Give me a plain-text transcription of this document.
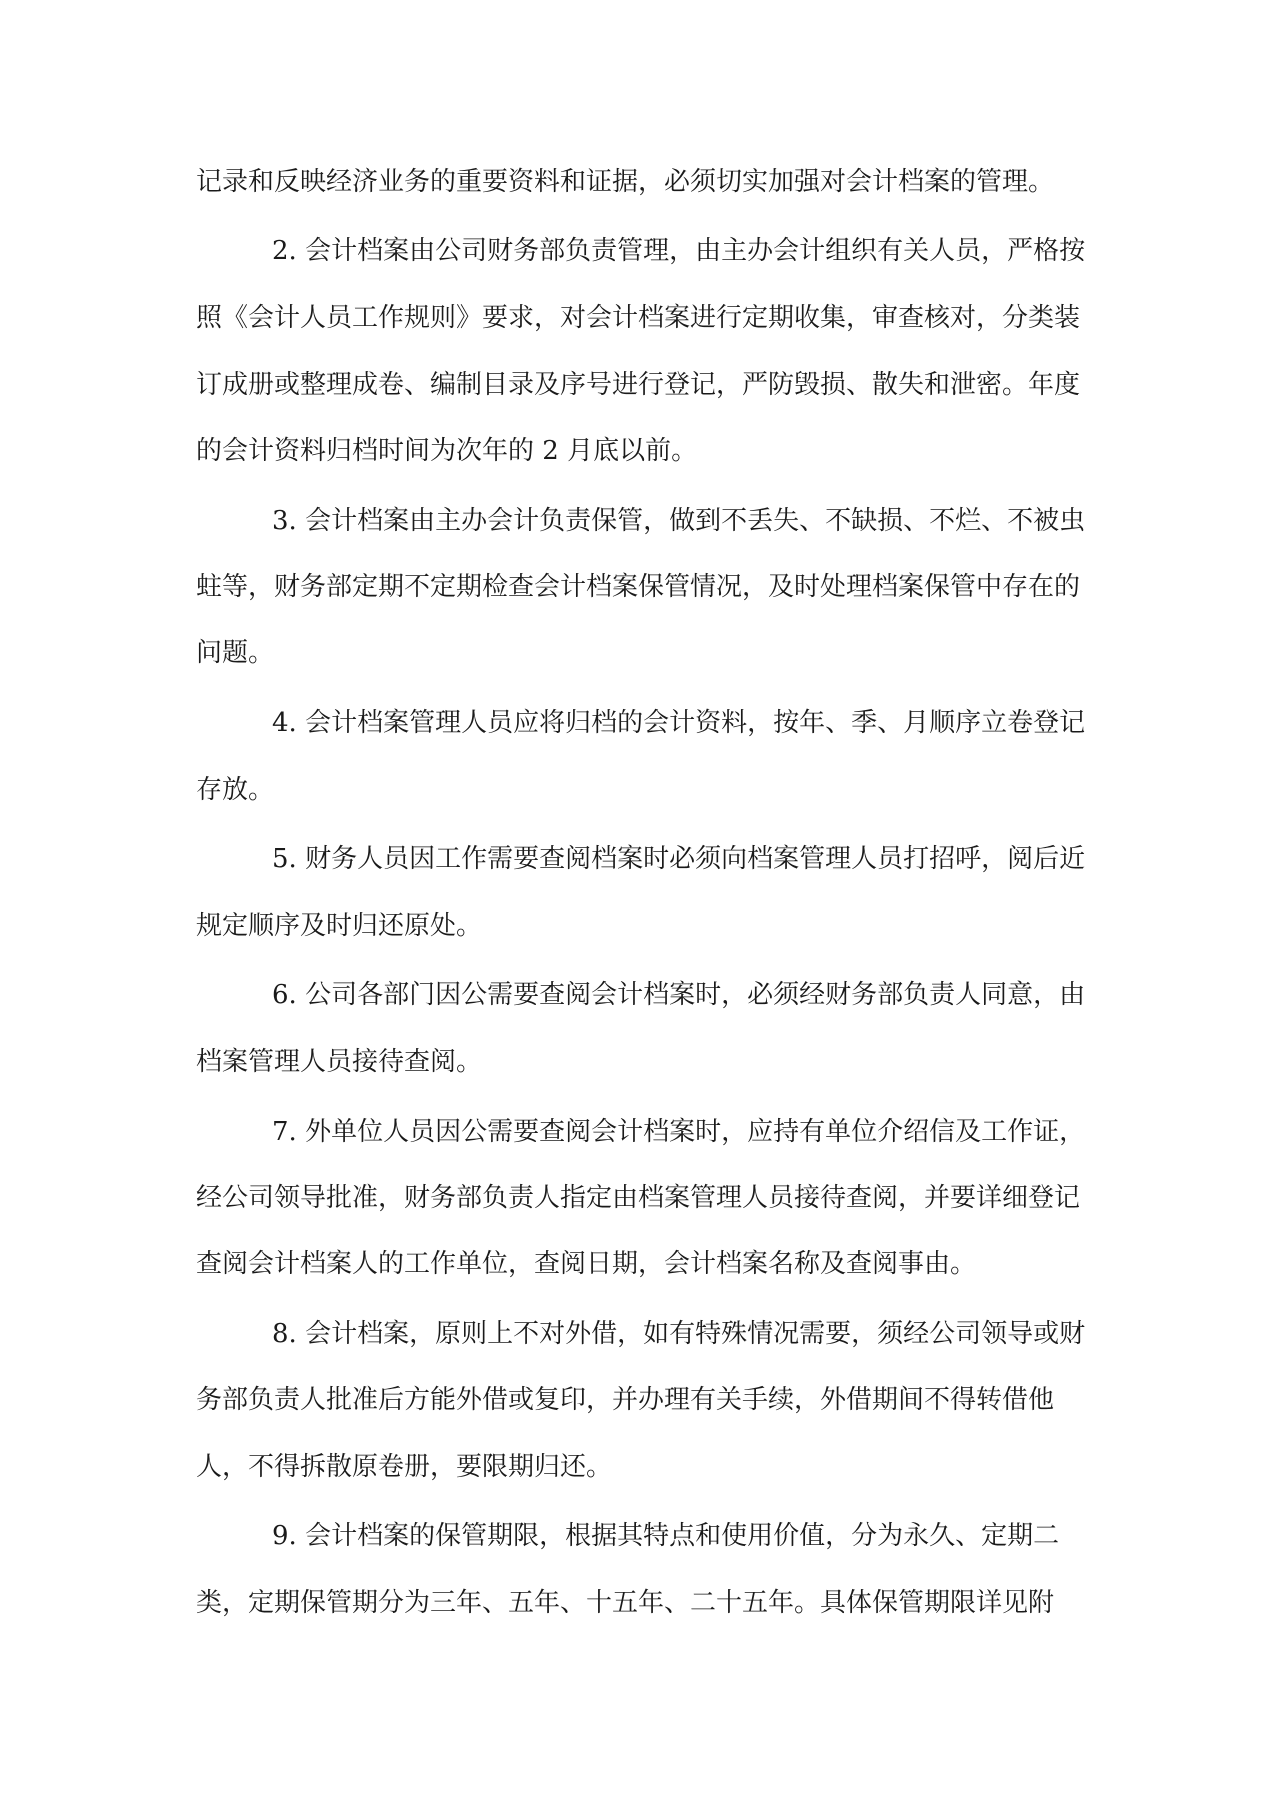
记录和反映经济业务的重要资料和证据，必须切实加强对会计档案的管理。
2. 会计档案由公司财务部负责管理，由主办会计组织有关人员，严格按
照《会计人员工作规则》要求，对会计档案进行定期收集，审查核对，分类装
订成册或整理成卷、编制目录及序号进行登记，严防毁损、散失和泄密。年度
的会计资料归档时间为次年的 2 月底以前。
3. 会计档案由主办会计负责保管，做到不丢失、不缺损、不烂、不被虫
蛀等，财务部定期不定期检查会计档案保管情况，及时处理档案保管中存在的
问题。
4. 会计档案管理人员应将归档的会计资料，按年、季、月顺序立卷登记
存放。
5. 财务人员因工作需要查阅档案时必须向档案管理人员打招呼，阅后近
规定顺序及时归还原处。
6. 公司各部门因公需要查阅会计档案时，必须经财务部负责人同意，由
档案管理人员接待查阅。
7. 外单位人员因公需要查阅会计档案时，应持有单位介绍信及工作证，
经公司领导批准，财务部负责人指定由档案管理人员接待查阅，并要详细登记
查阅会计档案人的工作单位，查阅日期，会计档案名称及查阅事由。
8. 会计档案，原则上不对外借，如有特殊情况需要，须经公司领导或财
务部负责人批准后方能外借或复印，并办理有关手续，外借期间不得转借他
人，不得拆散原卷册，要限期归还。
9. 会计档案的保管期限，根据其特点和使用价值，分为永久、定期二
类，定期保管期分为三年、五年、十五年、二十五年。具体保管期限详见附
